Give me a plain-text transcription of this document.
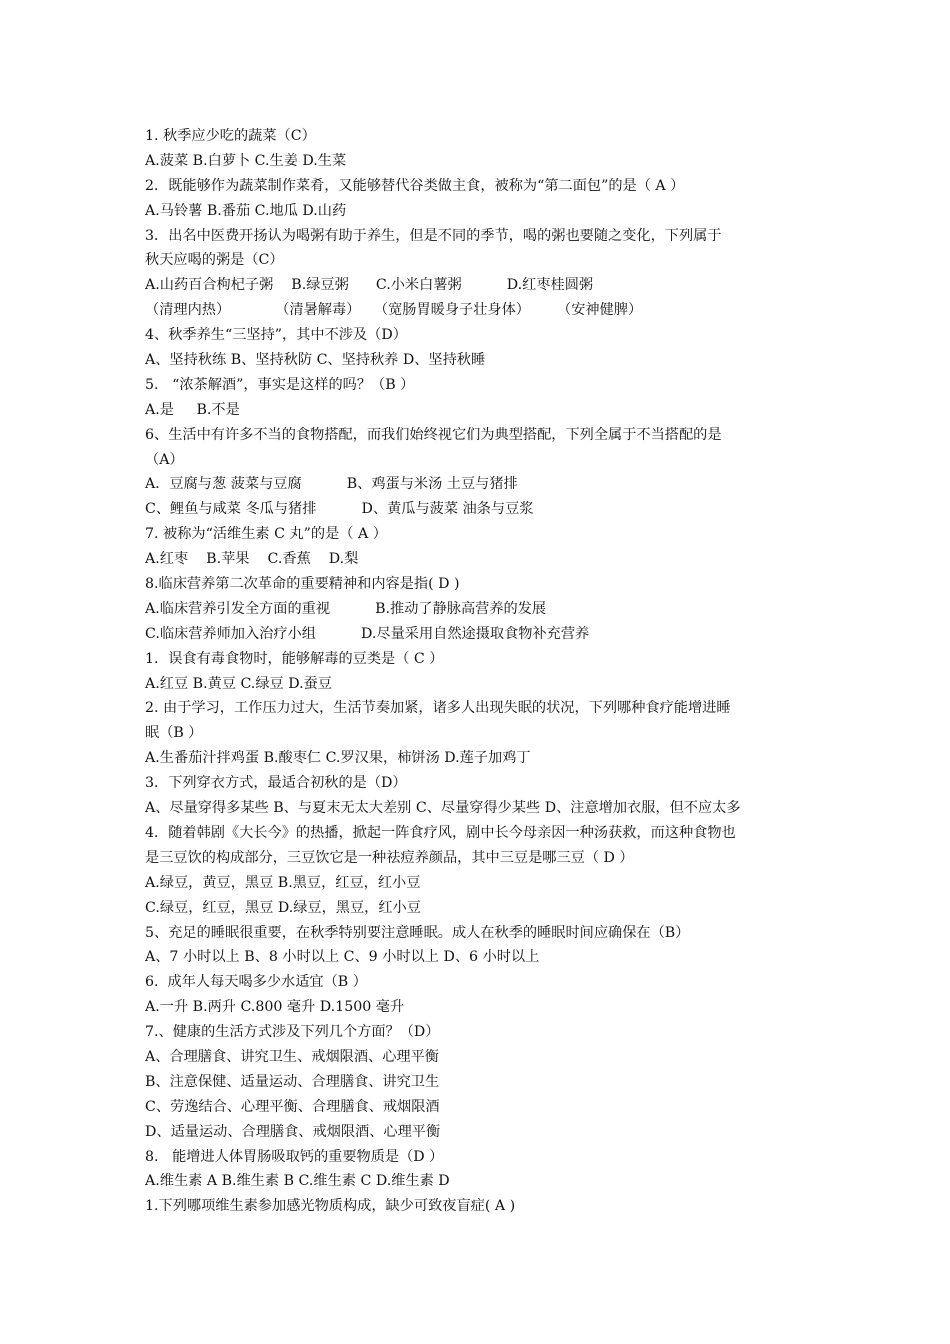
1. 秋季应少吃的蔬菜（C）
A.菠菜 B.白萝卜 C.生姜 D.生菜
2．既能够作为蔬菜制作菜肴，又能够替代谷类做主食，被称为“第二面包”的是（ A ）
A.马铃薯 B.番茄 C.地瓜 D.山药
3．出名中医费开扬认为喝粥有助于养生，但是不同的季节，喝的粥也要随之变化，下列属于
秋天应喝的粥是（C）
A.山药百合枸杞子粥    B.绿豆粥      C.小米白薯粥          D.红枣桂圆粥
（清理内热）          （清暑解毒）   （宽肠胃暖身子壮身体）      （安神健脾）
4、秋季养生“三坚持”，其中不涉及（D）
A、坚持秋练 B、坚持秋防 C、坚持秋养 D、坚持秋睡
5.   “浓茶解酒”，事实是这样的吗？（B ）
A.是     B.不是
6、生活中有许多不当的食物搭配，而我们始终视它们为典型搭配，下列全属于不当搭配的是
（A）
A．豆腐与葱 菠菜与豆腐          B、鸡蛋与米汤 土豆与猪排
C、鲤鱼与咸菜 冬瓜与猪排          D、黄瓜与菠菜 油条与豆浆
7. 被称为“活维生素 C 丸”的是（ A ）
A.红枣    B.苹果    C.香蕉    D.梨
8.临床营养第二次革命的重要精神和内容是指( D )
A.临床营养引发全方面的重视          B.推动了静脉高营养的发展
C.临床营养师加入治疗小组          D.尽量采用自然途摄取食物补充营养
1．误食有毒食物时，能够解毒的豆类是（ C ）
A.红豆 B.黄豆 C.绿豆 D.蚕豆
2. 由于学习，工作压力过大，生活节奏加紧，诸多人出现失眠的状况，下列哪种食疗能增进睡
眠（B ）
A.生番茄汁拌鸡蛋 B.酸枣仁 C.罗汉果，柿饼汤 D.莲子加鸡丁
3．下列穿衣方式，最适合初秋的是（D）
A、尽量穿得多某些 B、与夏末无太大差别 C、尽量穿得少某些 D、注意增加衣服，但不应太多
4．随着韩剧《大长今》的热播，掀起一阵食疗风，剧中长今母亲因一种汤获救，而这种食物也
是三豆饮的构成部分，三豆饮它是一种祛痘养颜品，其中三豆是哪三豆（ D ）
A.绿豆，黄豆，黑豆 B.黑豆，红豆，红小豆
C.绿豆，红豆，黑豆 D.绿豆，黑豆，红小豆
5、充足的睡眠很重要，在秋季特别要注意睡眠。成人在秋季的睡眠时间应确保在（B）
A、7 小时以上 B、8 小时以上 C、9 小时以上 D、6 小时以上
6.  成年人每天喝多少水适宜（B ）
A.一升 B.两升 C.800 毫升 D.1500 毫升
7.、健康的生活方式涉及下列几个方面？（D）
A、合理膳食、讲究卫生、戒烟限酒、心理平衡
B、注意保健、适量运动、合理膳食、讲究卫生
C、劳逸结合、心理平衡、合理膳食、戒烟限酒
D、适量运动、合理膳食、戒烟限酒、心理平衡
8.   能增进人体胃肠吸取钙的重要物质是（D ）
A.维生素 A B.维生素 B C.维生素 C D.维生素 D
1.下列哪项维生素参加感光物质构成，缺少可致夜盲症( A )
